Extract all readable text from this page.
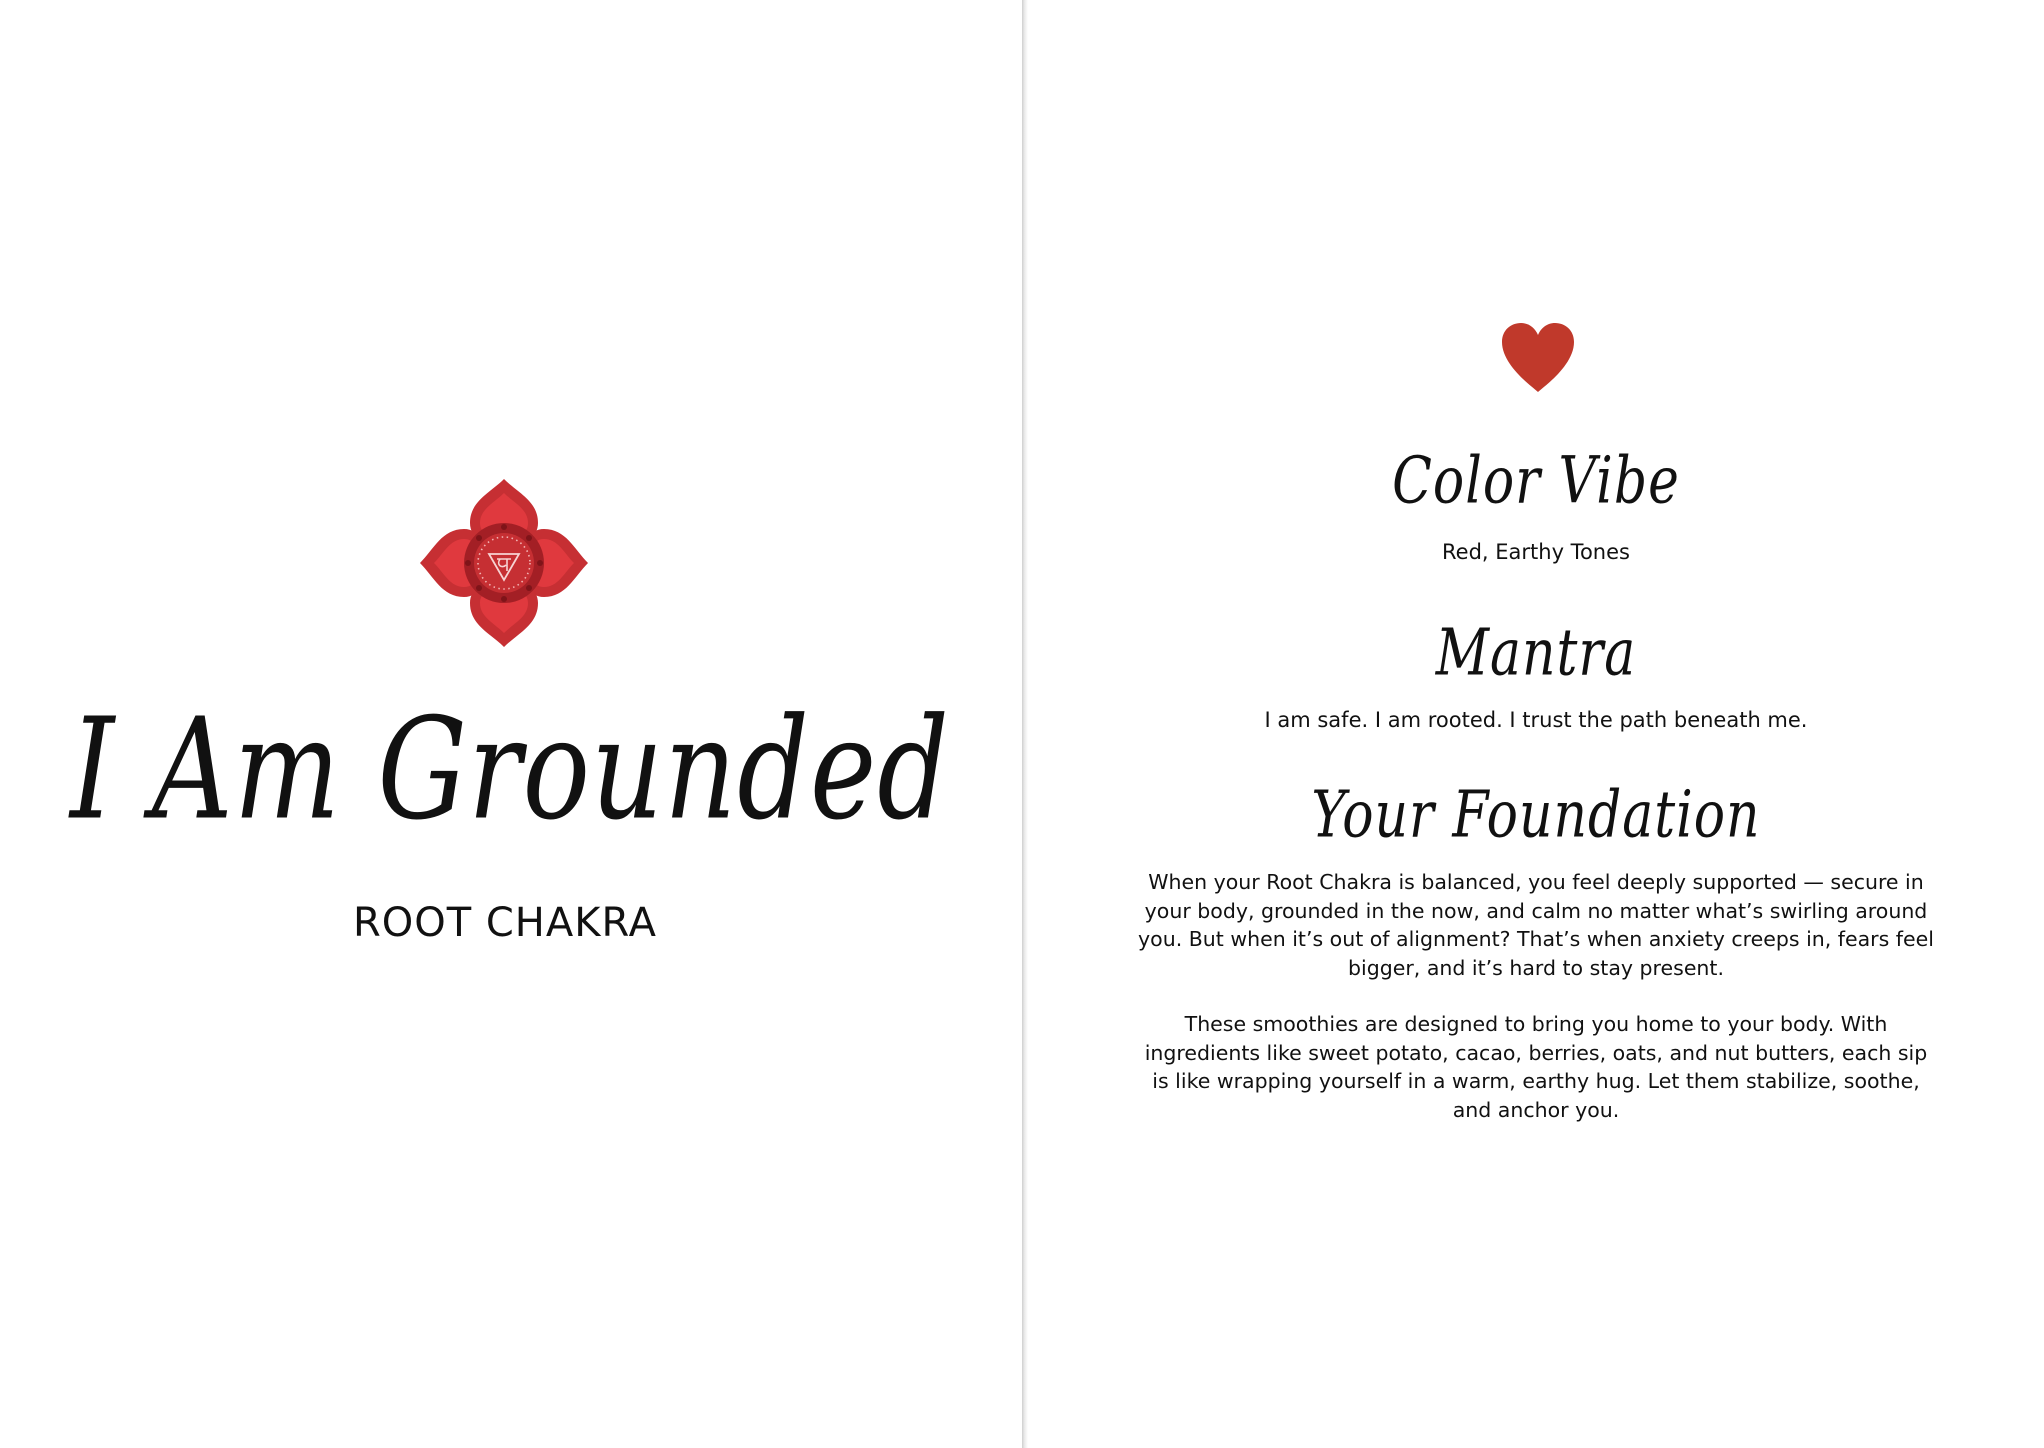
I Am Grounded
ROOT CHAKRA
Color Vibe
Red, Earthy Tones
Mantra
I am safe. I am rooted. I trust the path beneath me.
Your Foundation

When your Root Chakra is balanced, you feel deeply supported — secure in your body, grounded in the now, and calm no matter what’s swirling around you. But when it’s out of alignment? That’s when anxiety creeps in, fears feel bigger, and it’s hard to stay present.

These smoothies are designed to bring you home to your body. With ingredients like sweet potato, cacao, berries, oats, and nut butters, each sip is like wrapping yourself in a warm, earthy hug. Let them stabilize, soothe, and anchor you.
